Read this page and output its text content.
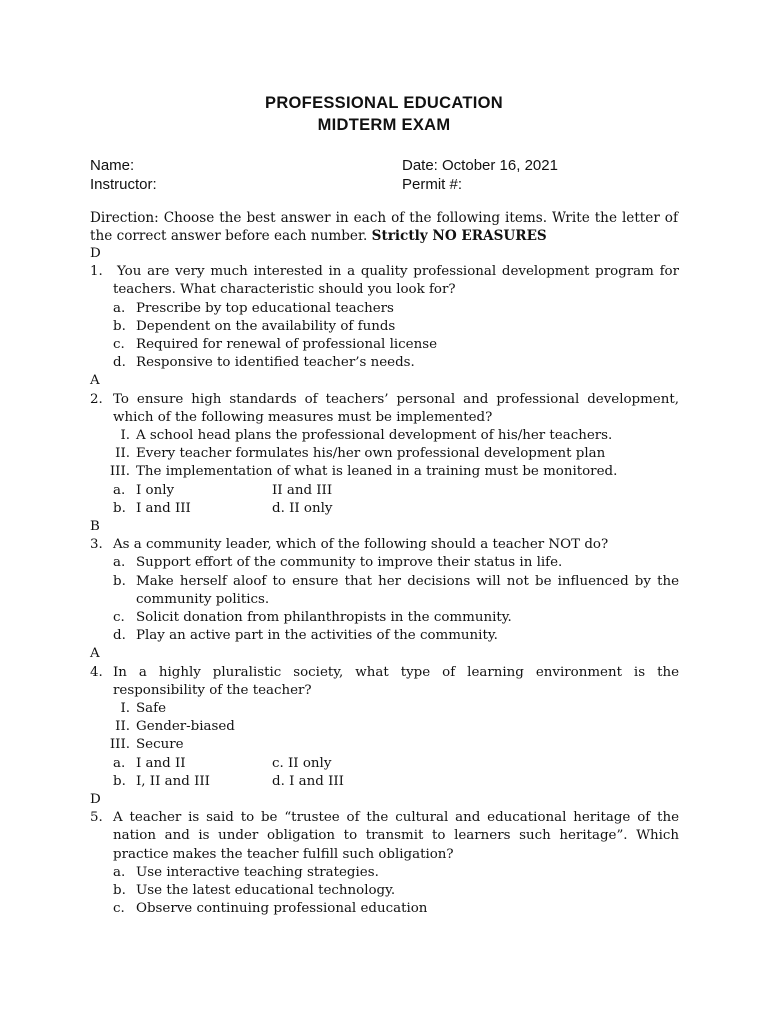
PROFESSIONAL EDUCATION
MIDTERM EXAM
Name:	Date: October 16, 2021
Instructor:	Permit #:
Direction: Choose the best answer in each of the following items. Write the letter of the correct answer before each number. Strictly NO ERASURES
D
1. You are very much interested in a quality professional development program for teachers. What characteristic should you look for?
a. Prescribe by top educational teachers
b. Dependent on the availability of funds
c. Required for renewal of professional license
d. Responsive to identified teacher’s needs.
A
2. To ensure high standards of teachers’ personal and professional development, which of the following measures must be implemented?
I. A school head plans the professional development of his/her teachers.
II. Every teacher formulates his/her own professional development plan
III. The implementation of what is leaned in a training must be monitored.
a. I only	II and III
b. I and III	d. II only
B
3. As a community leader, which of the following should a teacher NOT do?
a. Support effort of the community to improve their status in life.
b. Make herself aloof to ensure that her decisions will not be influenced by the community politics.
c. Solicit donation from philanthropists in the community.
d. Play an active part in the activities of the community.
A
4. In a highly pluralistic society, what type of learning environment is the responsibility of the teacher?
I. Safe
II. Gender-biased
III. Secure
a. I and II	c. II only
b. I, II and III	d. I and III
D
5. A teacher is said to be “trustee of the cultural and educational heritage of the nation and is under obligation to transmit to learners such heritage”. Which practice makes the teacher fulfill such obligation?
a. Use interactive teaching strategies.
b. Use the latest educational technology.
c. Observe continuing professional education
